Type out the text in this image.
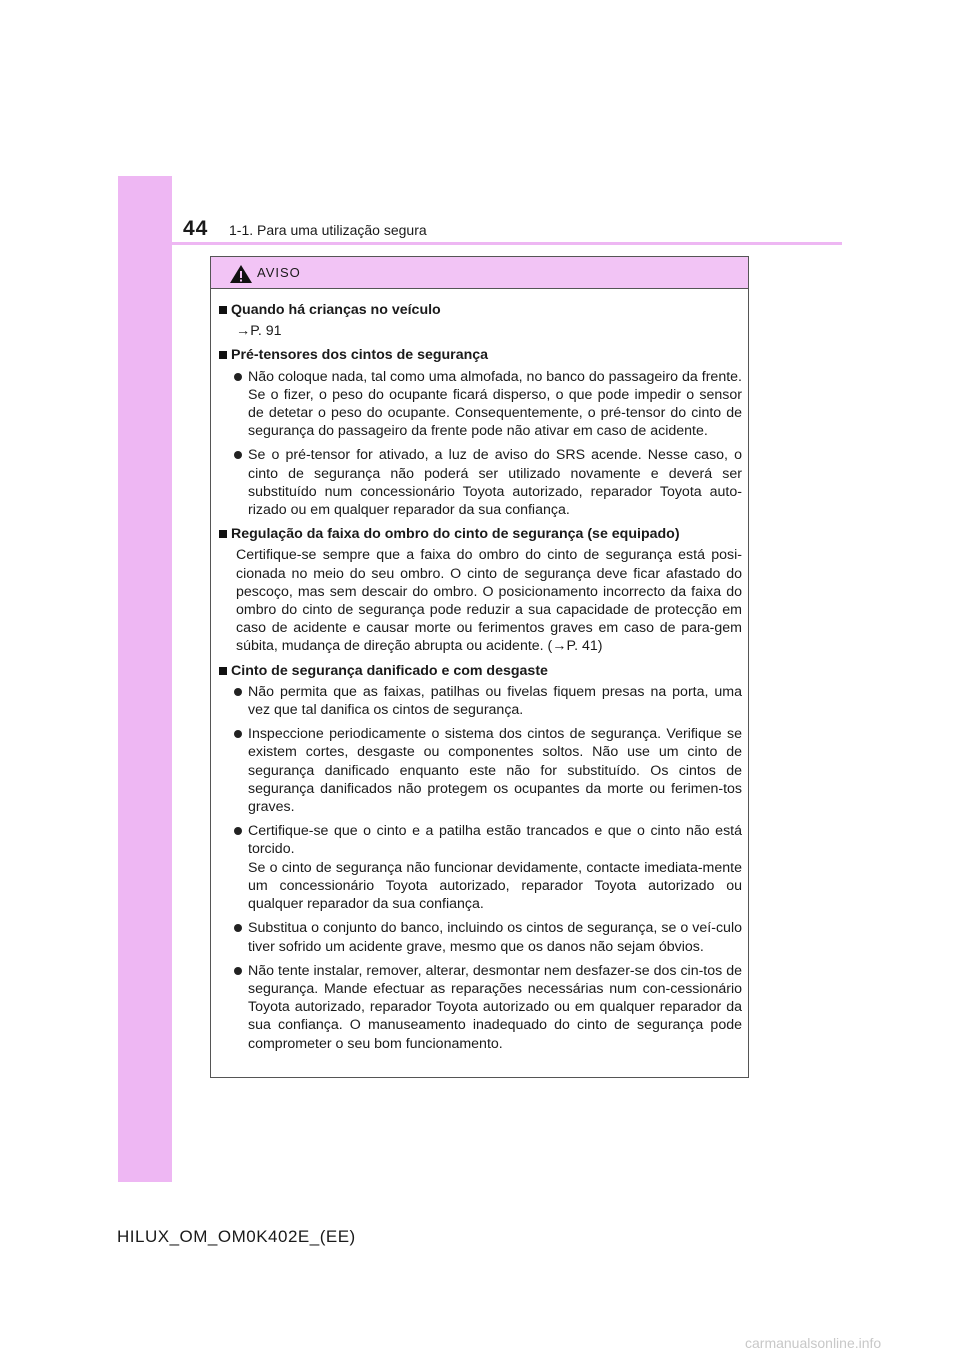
44 1-1. Para uma utilização segura
AVISO
Quando há crianças no veículo
→P. 91
Pré-tensores dos cintos de segurança
Não coloque nada, tal como uma almofada, no banco do passageiro da frente. Se o fizer, o peso do ocupante ficará disperso, o que pode impedir o sensor de detetar o peso do ocupante. Consequentemente, o pré-tensor do cinto de segurança do passageiro da frente pode não ativar em caso de acidente.
Se o pré-tensor for ativado, a luz de aviso do SRS acende. Nesse caso, o cinto de segurança não poderá ser utilizado novamente e deverá ser substituído num concessionário Toyota autorizado, reparador Toyota auto-rizado ou em qualquer reparador da sua confiança.
Regulação da faixa do ombro do cinto de segurança (se equipado)
Certifique-se sempre que a faixa do ombro do cinto de segurança está posi-cionada no meio do seu ombro. O cinto de segurança deve ficar afastado do pescoço, mas sem descair do ombro. O posicionamento incorrecto da faixa do ombro do cinto de segurança pode reduzir a sua capacidade de protecção em caso de acidente e causar morte ou ferimentos graves em caso de para-gem súbita, mudança de direção abrupta ou acidente. (→P. 41)
Cinto de segurança danificado e com desgaste
Não permita que as faixas, patilhas ou fivelas fiquem presas na porta, uma vez que tal danifica os cintos de segurança.
Inspeccione periodicamente o sistema dos cintos de segurança. Verifique se existem cortes, desgaste ou componentes soltos. Não use um cinto de segurança danificado enquanto este não for substituído. Os cintos de segurança danificados não protegem os ocupantes da morte ou ferimen-tos graves.
Certifique-se que o cinto e a patilha estão trancados e que o cinto não está torcido.
Se o cinto de segurança não funcionar devidamente, contacte imediata-mente um concessionário Toyota autorizado, reparador Toyota autorizado ou qualquer reparador da sua confiança.
Substitua o conjunto do banco, incluindo os cintos de segurança, se o veí-culo tiver sofrido um acidente grave, mesmo que os danos não sejam óbvios.
Não tente instalar, remover, alterar, desmontar nem desfazer-se dos cin-tos de segurança. Mande efectuar as reparações necessárias num con-cessionário Toyota autorizado, reparador Toyota autorizado ou em qualquer reparador da sua confiança. O manuseamento inadequado do cinto de segurança pode comprometer o seu bom funcionamento.
HILUX_OM_OM0K402E_(EE)
carmanualsonline.info
